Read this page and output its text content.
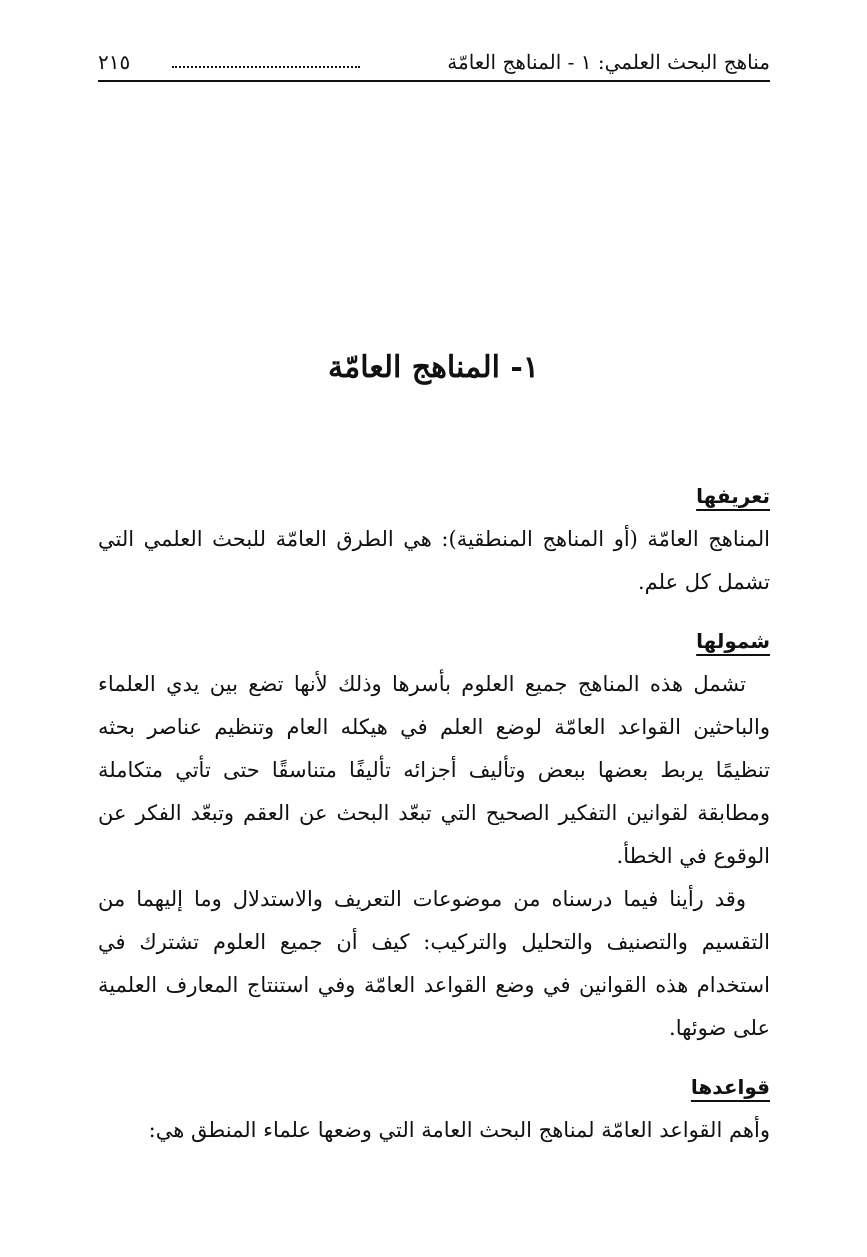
مناهج البحث العلمي: ١ - المناهج العامّة
٢١٥
١- المناهج العامّة
تعريفها

المناهج العامّة (أو المناهج المنطقية): هي الطرق العامّة للبحث العلمي التي تشمل كل علم.

شمولها

تشمل هذه المناهج جميع العلوم بأسرها وذلك لأنها تضع بين يدي العلماء والباحثين القواعد العامّة لوضع العلم في هيكله العام وتنظيم عناصر بحثه تنظيمًا يربط بعضها ببعض وتأليف أجزائه تأليفًا متناسقًا حتى تأتي متكاملة ومطابقة لقوانين التفكير الصحيح التي تبعّد البحث عن العقم وتبعّد الفكر عن الوقوع في الخطأ.

وقد رأينا فيما درسناه من موضوعات التعريف والاستدلال وما إليهما من التقسيم والتصنيف والتحليل والتركيب: كيف أن جميع العلوم تشترك في استخدام هذه القوانين في وضع القواعد العامّة وفي استنتاج المعارف العلمية على ضوئها.

قواعدها

وأهم القواعد العامّة لمناهج البحث العامة التي وضعها علماء المنطق هي:
